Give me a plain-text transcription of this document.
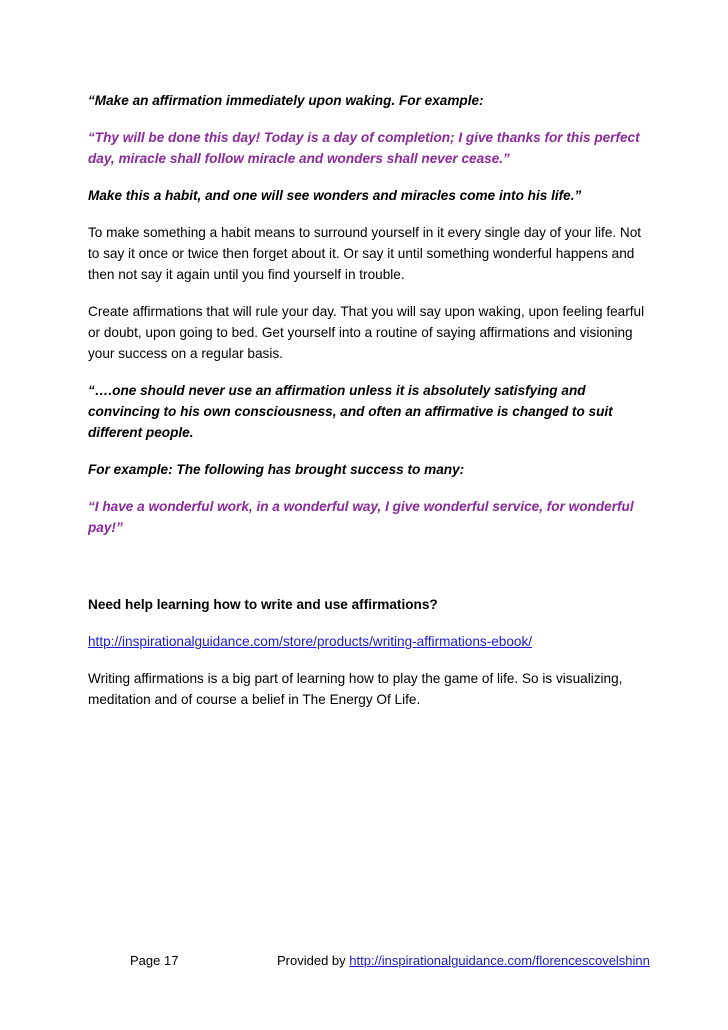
“Make an affirmation immediately upon waking. For example:

“Thy will be done this day! Today is a day of completion; I give thanks for this perfect day, miracle shall follow miracle and wonders shall never cease.”

Make this a habit, and one will see wonders and miracles come into his life.”

To make something a habit means to surround yourself in it every single day of your life. Not to say it once or twice then forget about it. Or say it until something wonderful happens and then not say it again until you find yourself in trouble.

Create affirmations that will rule your day. That you will say upon waking, upon feeling fearful or doubt, upon going to bed. Get yourself into a routine of saying affirmations and visioning your success on a regular basis.

“….one should never use an affirmation unless it is absolutely satisfying and convincing to his own consciousness, and often an affirmative is changed to suit different people.

For example: The following has brought success to many:

“I have a wonderful work, in a wonderful way, I give wonderful service, for wonderful pay!”

Need help learning how to write and use affirmations?

http://inspirationalguidance.com/store/products/writing-affirmations-ebook/

Writing affirmations is a big part of learning how to play the game of life. So is visualizing, meditation and of course a belief in The Energy Of Life.

Page 17	Provided by http://inspirationalguidance.com/florencescovelshinn
